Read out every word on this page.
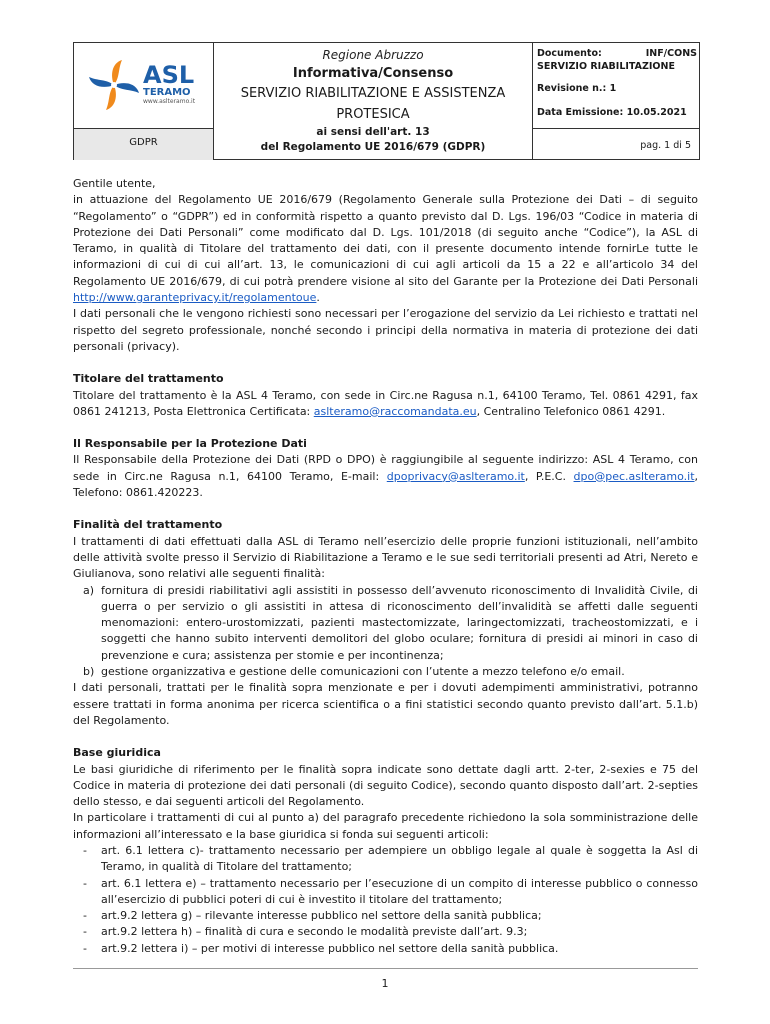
ASL
TERAMO
www.aslteramo.it
GDPR
Regione Abruzzo
Informativa/Consenso
SERVIZIO RIABILITAZIONE E ASSISTENZA
PROTESICA
ai sensi dell'art. 13
del Regolamento UE 2016/679 (GDPR)
Documento:	INF/CONS
SERVIZIO RIABILITAZIONE
Revisione n.: 1
Data Emissione: 10.05.2021
pag. 1 di 5

Gentile utente,

in attuazione del Regolamento UE 2016/679 (Regolamento Generale sulla Protezione dei Dati – di seguito “Regolamento” o “GDPR”) ed in conformità rispetto a quanto previsto dal D. Lgs. 196/03 “Codice in materia di Protezione dei Dati Personali” come modificato dal D. Lgs. 101/2018 (di seguito anche “Codice”), la ASL di Teramo, in qualità di Titolare del trattamento dei dati, con il presente documento intende fornirLe tutte le informazioni di cui di cui all’art. 13, le comunicazioni di cui agli articoli da 15 a 22 e all’articolo 34 del Regolamento UE 2016/679, di cui potrà prendere visione al sito del Garante per la Protezione dei Dati Personali http://www.garanteprivacy.it/regolamentoue.

I dati personali che le vengono richiesti sono necessari per l’erogazione del servizio da Lei richiesto e trattati nel rispetto del segreto professionale, nonché secondo i principi della normativa in materia di protezione dei dati personali (privacy).

Titolare del trattamento

Titolare del trattamento è la ASL 4 Teramo, con sede in Circ.ne Ragusa n.1, 64100 Teramo, Tel. 0861 4291, fax 0861 241213, Posta Elettronica Certificata: aslteramo@raccomandata.eu, Centralino Telefonico 0861 4291.

Il Responsabile per la Protezione Dati

Il Responsabile della Protezione dei Dati (RPD o DPO) è raggiungibile al seguente indirizzo: ASL 4 Teramo, con sede in Circ.ne Ragusa n.1, 64100 Teramo, E-mail: dpoprivacy@aslteramo.it, P.E.C. dpo@pec.aslteramo.it, Telefono: 0861.420223.

Finalità del trattamento

I trattamenti di dati effettuati dalla ASL di Teramo nell’esercizio delle proprie funzioni istituzionali, nell’ambito delle attività svolte presso il Servizio di Riabilitazione a Teramo e le sue sedi territoriali presenti ad Atri, Nereto e Giulianova, sono relativi alle seguenti finalità:

a) fornitura di presidi riabilitativi agli assistiti in possesso dell’avvenuto riconoscimento di Invalidità Civile, di guerra o per servizio o gli assistiti in attesa di riconoscimento dell’invalidità se affetti dalle seguenti menomazioni: entero-urostomizzati, pazienti mastectomizzate, laringectomizzati, tracheostomizzati, e i soggetti che hanno subito interventi demolitori del globo oculare; fornitura di presidi ai minori in caso di prevenzione e cura; assistenza per stomie e per incontinenza;
b) gestione organizzativa e gestione delle comunicazioni con l’utente a mezzo telefono e/o email.

I dati personali, trattati per le finalità sopra menzionate e per i dovuti adempimenti amministrativi, potranno essere trattati in forma anonima per ricerca scientifica o a fini statistici secondo quanto previsto dall’art. 5.1.b) del Regolamento.

Base giuridica

Le basi giuridiche di riferimento per le finalità sopra indicate sono dettate dagli artt. 2-ter, 2-sexies e 75 del Codice in materia di protezione dei dati personali (di seguito Codice), secondo quanto disposto dall’art. 2-septies dello stesso, e dai seguenti articoli del Regolamento.

In particolare i trattamenti di cui al punto a) del paragrafo precedente richiedono la sola somministrazione delle informazioni all’interessato e la base giuridica si fonda sui seguenti articoli:

- art. 6.1 lettera c)- trattamento necessario per adempiere un obbligo legale al quale è soggetta la Asl di Teramo, in qualità di Titolare del trattamento;
- art. 6.1 lettera e) – trattamento necessario per l’esecuzione di un compito di interesse pubblico o connesso all’esercizio di pubblici poteri di cui è investito il titolare del trattamento;
- art.9.2 lettera g) – rilevante interesse pubblico nel settore della sanità pubblica;
- art.9.2 lettera h) – finalità di cura e secondo le modalità previste dall’art. 9.3;
- art.9.2 lettera i) – per motivi di interesse pubblico nel settore della sanità pubblica.
$_1$
